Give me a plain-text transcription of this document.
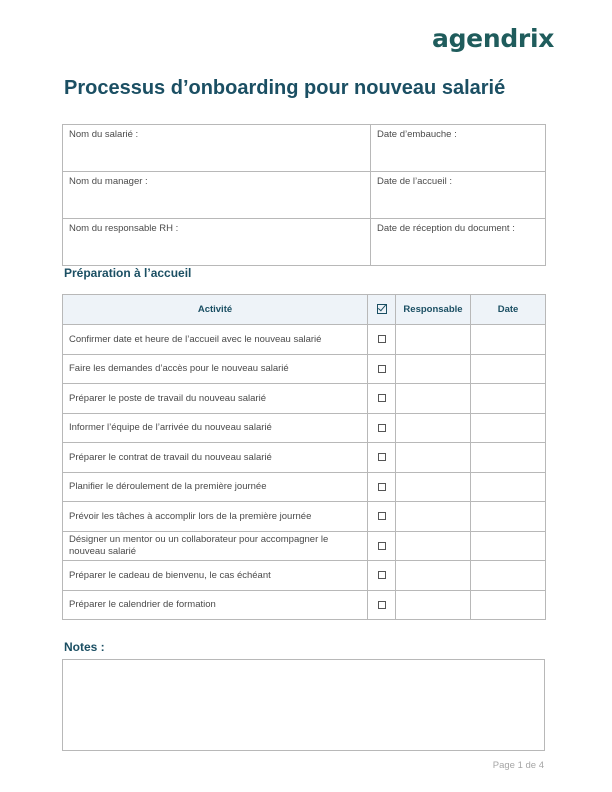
agendrix
Processus d’onboarding pour nouveau salarié
Nom du salarié :	Date d’embauche :
Nom du manager :	Date de l’accueil :
Nom du responsable RH :	Date de réception du document :
Préparation à l’accueil
Activité		Responsable	Date
Confirmer date et heure de l’accueil avec le nouveau salarié			
Faire les demandes d’accès pour le nouveau salarié			
Préparer le poste de travail du nouveau salarié			
Informer l’équipe de l’arrivée du nouveau salarié			
Préparer le contrat de travail du nouveau salarié			
Planifier le déroulement de la première journée			
Prévoir les tâches à accomplir lors de la première journée			
Désigner un mentor ou un collaborateur pour accompagner le nouveau salarié			
Préparer le cadeau de bienvenu, le cas échéant			
Préparer le calendrier de formation			
Notes :
Page 1 de 4
